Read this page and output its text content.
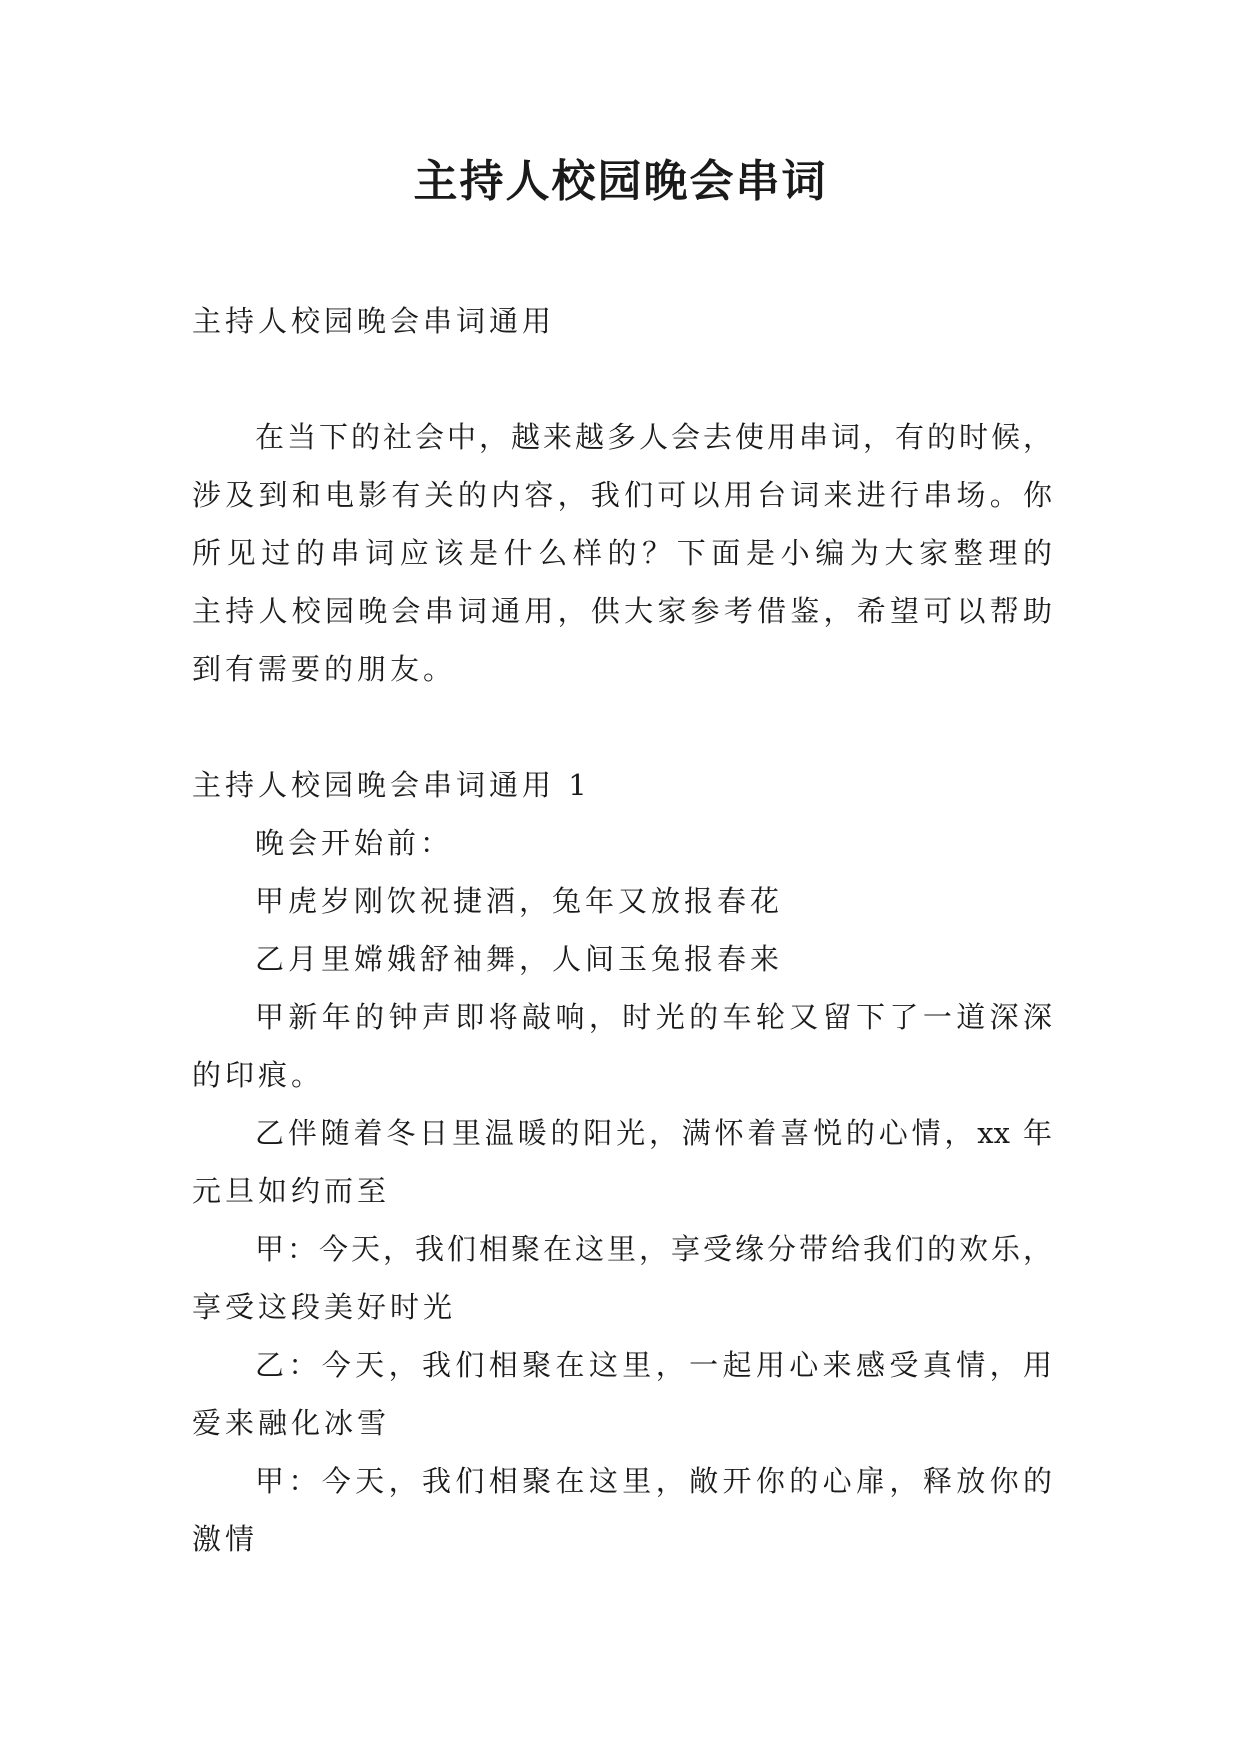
主持人校园晚会串词

主持人校园晚会串词通用

在当下的社会中，越来越多人会去使用串词，有的时候，

涉及到和电影有关的内容，我们可以用台词来进行串场。你

所见过的串词应该是什么样的？下面是小编为大家整理的

主持人校园晚会串词通用，供大家参考借鉴，希望可以帮助

到有需要的朋友。

主持人校园晚会串词通用 1

晚会开始前：

甲虎岁刚饮祝捷酒，兔年又放报春花

乙月里嫦娥舒袖舞，人间玉兔报春来

甲新年的钟声即将敲响，时光的车轮又留下了一道深深

的印痕。

乙伴随着冬日里温暖的阳光，满怀着喜悦的心情，xx 年

元旦如约而至

甲：今天，我们相聚在这里，享受缘分带给我们的欢乐，

享受这段美好时光

乙：今天，我们相聚在这里，一起用心来感受真情，用

爱来融化冰雪

甲：今天，我们相聚在这里，敞开你的心扉，释放你的

激情
